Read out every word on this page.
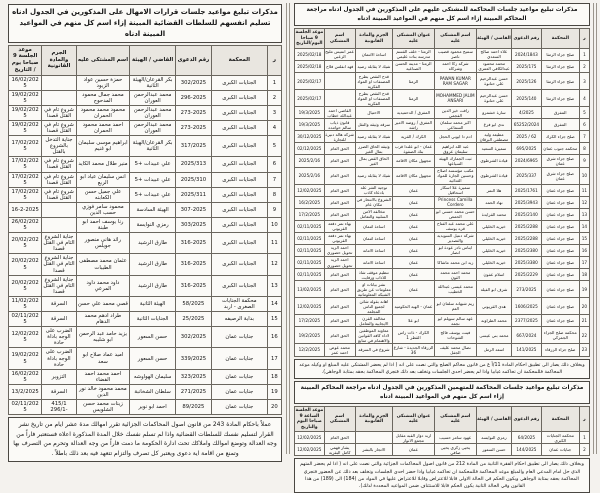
مذكرات تبليغ مواعيد جلسات قرارات الامهال على المذكورين في الجدول ادناه تسليم انفسهم للسلطات القضائية المبينة إزاء اسم كل منهم في المواعيد المبينة ادناه
ر	المحكمة	رقم الدعوى	القاضي / الهيئة	اسم المشتكى عليه	الجرم والمادة القانونية	موعد الجلسة 9 صباحا يوم / التاريخ
1	الجنايات الكبرى	302/2025	بكر القرعان/الهيئة الثانية	حمزة حسين عواد الزيود		16/02/2025
2	الجنايات الكبرى	296-2025	محمد عبدالرحمن العوران	محمد جمال محمود المدحوج		19/02/2025
3	الجنايات الكبرى	273-2025	محمد عبدالرحمن العوران	محمود محمد محمود الحمران	شروع تام في القتل قصدا	19/02/2025
4	الجنايات الكبرى	273-2025	محمد عبدالرحمن العوران	احمد محمد محمود الحمران	شروع تام في القتل قصدا	19/02/2025
5	الجنايات الكبرى	317/2025	بكر القرعان/الهيئة الثانية	ابراهيم موسى سليمان ابو غنيم	جناية التدخل بالشروع بالقتل	17/02/2025
6	الجنايات الكبرى	2025/313	علي عبيدات +5	منير طلال محمد الكايد	شروع تام في القتل قصدا	17/02/2025
7	الجنايات الكبرى	2025/310	علي عبيدات +5	انس سليمان عياد ابو الربع	شروع تام في القتل قصدا	17/02/2025
8	الجنايات الكبرى	2025/311	علي عبيدات +5	علي جميل حسن الكعابنه	شروع تام في القتل قصدا	17/02/2025
9	الجنايات الكبرى	307-2025	الهيئة السادسة	محمود سامر فوزي حسب الدين		16-2-2025
10	الجنايات الكبرى	303/2025	رمزي النوايسة	رنا يوسف احمد ابو طبنة		26/02/2025
11	الجنايات الكبرى	316-2025	طارق الرشيد	رائد هاني منصور جويلس	جناية الشروع التام في القتل قصدا	20/02/2025
12	الجنايات الكبرى	316-2025	طارق الرشيد	عثمان محمد مصطفى الطيبات	جناية الشروع التام في القتل قصدا	20/02/2025
13	الجنايات الكبرى	316-2025	طارق الرشيد	داود محمد داود المرعي	جناية الشروع التام في القتل قصدا	20/02/2025
14	محكمة الجنايات الصغرى - اربد	58/2025	الهيئة الثانية	قصي محمد علي حسن	السرقة	11/02/2025
15	بداية الرصيفه	25/2025	الجنايات الثانية	طراد ادهم محمد الدهام	السرقة	02/11/2025
16	جنايات عمان	302/2025	حسن السعور	يزيد حامد عبد الرحمن ابو شليبه	الضرب على الوجه باداة حادة	12/02/2025
17	جنايات عمان	339/2025	حسن السعور	اميد عماد صلاح ابو سعد	الضرب على الوجه باداة حادة	19/02/2025
18	جنايات عمان	323/2025	سليمان الهواوشه	احمد محمد احمد الفضاء	التزوير	16/02/2025
19	جنايات عمان	271/2025	سلطان الشخانبة	محمد محمود خالد نور الدين	السرقة	13/2/2025
20	جنايات عمان	89/2025	احمد ابو نوير	زينات محمد حسن الشلويس	415/1 -296/1	02/11/2025
عملاً باحكام المادة 243 من قانون اصول المحاكمات الجزائية تقرر امهالك مدة عشر ايام من تاريخ نشر القرار لتسليم نفسك للسلطات القضائية واذا لم تسلم نفسك خلال المدة المذكورة اعلاه فستعتبر فاراً من وجه العدالة وتوضع اموالك واملاكك تحت ادارة الحكومة ما دمت فاراً من وجه العدالة وتحرم من التصرف بها وتمنع من اقامة اية دعوى ويعتبر كل تصرف والتزام تتعهد فيه بعد ذلك باطلاً .
مذكرات تبليغ مواعيد جلسات المحاكمة للمشتكى عليهم على المذكورين في الجدول ادناه مراجعة المحاكم المبينة إزاء اسم كل منهم في المواعيد المبينة ادناه
ر	المحكمة	رقم الدعوى	القاضي / الهيئة	اسم المشتكى عليه	عنوان المشتكى عليه	الجرم والمادة القانونية	اسم المشتكي	موعد الجلسة 9 صباحا اليوم/التاريخ
1	صلح جزاء الرمثا	2024/1843	علاء احمد صالح السعدي	سميح محمود قضيب ناصر	الرمثا - خلف القسم مدرسة بنات عليمي	اساءة الائتمان	عمر انميس مليح الزعبي	2025/02/18
2	صلح جزاء الرمثا	2025/175	محمد محمود عبدالكافي العمري	شركة زكا احمد وشركاه	الرمثا - مدينة الحسن الصناعية	شيك لا يقابله رصيد	فهد انفلس فلاح	2025/02/18
3	صلح جزاء الرمثا	2025/126	حسن عبدالرحيم علي حنانوة	PAWAN KUMAR RAM SAGAR	الرمثا	قدح النقص بطرح المصنفات او المواد الفكرية		2025/02/17
4	صلح جزاء الرمثا	2025/140	حسن عبدالرحيم علي حنانوة	MOHAMMED JALIM ANSARI	الرمثا	قدح النقص بطرح المصنفات او المواد الفكرية		2025/02/17
5	المفرق	4/2025	سارة خشمرو	رافت خير الدين الفجمي	المفرق / الدحميديه	الاحتيال	القاضي احمد عبدالله خطاب	19/3/2025
6	المفرق	65252/2024	ندى ابو فرع	اكبر محمد سلمان السماعي	المفرق / روضة الامير راشد	سرقة وثيقة والنقل	قانون ذياب سالم حوامده	19/3/2025
7	صلح جزاء الكرك	62 / 2025	مطيعة وليد مصطفى البرقان	ادم دا ايوبي الحجل	الكرك / القرية	شيك لا يقابله رصيد	شركة هالة دنيرة للتجارة	30/12/2025
8	محكمة جنوب عمان	695/2025	سميرة السعيد	عبد الله ابراهيم سليمان عروق	عمان - ابو علندا قرب بنك الصفوة	وثيقة الحاق الضرر بمال الغير	الحق العام	02/12/2025
9	صلح جزاء شرق عمان	2024/6965	قيادة الشرطوي	ثبت الجمارك الهيئة السياعها	مجهول مكان الاقامة	الحاق القص بمال الغير	الحق العام	2025/2/16
10	صلح جزاء شرق عمان	2025/337	قيادة الشرطوي	مكتب مؤسسة اصلاح وحسين الجارة للمواد الغذائية	مجهول مكان الاقامة	شيك لا يقابله رصيد	الحق العام	2025/2/16
11	صلح جزاء عمان	2025/1761	هلا النمر	سميرة علا اسكار اسحاقيل	عمان	توجيه الشر عله بادعاء كاذب	الحق العام	12/02/2025
12	صلح جزاء عمان	2025/3943	نهاد الحمد	Princess Camilla Cordero	عمان	الشروع بالانتحار في مكان عام	الحق العام	16/2/2025
13	صلح جزاء عمان	2025/2140	محمد القرايدة	حسن محمد حسني ابو الحمص	عمان	مخالفة الامن السلبية والتعامل	الحق العام	17/2/2025
14	صلح جزاء عمان	2025/2288	خيرية الخليلي	علي محمد عبد الفتاح قره يوسف	عمان	اساءة ائتمان	بهاء نمر دفعة القريوتي	02/11/2025
15	صلح جزاء عمان	2025/2288	خيرية الخليلي	شركة دنتيل السويدية والتصدير	عمان	اساءة ائتمان	بهاء نمر دفعة القريوتي	02/11/2025
16	صلح جزاء عمان	2025/2380	خيرية الخليلي	ايناس نادر عودة ابو انصار	عمان	اساءة الامانة	احمد الزيد تحويل حضوري	02/11/2025
17	صلح جزاء عمان	2025/3380	خيرية الخليلي	زيد ابن محمد ماشاكا	عمان	اساءة الامانة	احمد الزيد تحويل حضوري	02/11/2025
18	صلح جزاء عمان	2025/2229	اسلام عفون	محمد احمد محمد الثون	عمان	تنظيم موقف شاذ للاداب ورفايت	الحق العام	02/11/2025
19	صلح جزاء عمان	273/2025	شرف ابو الفيلة	محمد عيسى عبدالله الخطيب	عمان	نشر بيانات او معلومات عن طريق الشبكة المعلوماتية	الحق العام	13/02/2025
20	صلح جزاء عمان	1606/2025	هدى القريوتي	ريم شيهانة سلمان ابو العم	عمان - الهية الحكومية	اهانة بقولة شائن لجميع الناس المجلعة	الحق العام	12/02/2025
21	صلح جزاء عمان	2377/2025	محمد الطراونة	عهد سالم سويلم ابو نجمة	ابو علا	مخالفة القرن الايجابية والتعامل	الحق العام	17/2/2025
22	محكمة صلح الجزاء الجمركي	667/2024	محمد بني عيسى	فينت يوسف فالح الشوحات	الكرك - ذات راس القطر 1	معاونة الموظفين لاداء كافة القوانين والاهتمام في متابع	الحق العام	19/2/2025
23	صلح جزاء الزرقاء	141/2025	اسعد الرمل	نضال محمد عليف الجفل	الزرقاء الجديدة - شارع 36	شروع في السرقة	محمد عوض احمد عمر	12/2/2025
وبخلاف ذلك يصار الى تطبيق احكام المادة 11/أ ع من قانون محاكم الصلح والتي نصت على انه ( اذا لم يحضر المشتكى عليه المبلغ او وكيله موعد المحاكمة فللمحكمة ان تحاكمه غيابيا واذا لم يحضر احدى الجلسات وتخلف بعد ذلك فتجري المحاكمة بحقه بمثابة الوجاهي).
مذكرات تبليغ مواعيد جلسات المحاكمة للمتهمين المذكورين في الجدول ادناه مراجعة المحاكم المبينة إزاء اسم كل منهم في المواعيد المبينة ادناه
ر	المحكمة	رقم الدعوى	القاضي / الهيئة	اسم المشتكى عليه	عنوان المشتكى عليه	الجرم والمادة القانونية	اسم المشتكي	موعد الجلسة الساعة 9 صباحا اليوم والتاريخ
1	محكمة الجنايات الكبرى	64/2025	رمزي النوايسة	عهود سامر حسيب	اربد دوار القبة مقابل مجمع الانوار		الحق العام	12/02/2025
2	جنايات عمان	144/2025	حسن السعور	يحيى زكري يحيى صافي	عمان	الاتجار بالبشر	يشار فهمي كامل البقرية	12/02/2025
وبخلاف ذلك يصار الى تطبيق احكام الفقرة الثانية من المادة 212 من قانون اصول المحاكمات الجزائية والتي نصت على انه ( اذا لم يحضر المتهم الذي حل امام المدعي العام والمبلغ موعد المحاكمة فللمحكمة ان تحاكمه غيابيا واذا حضر احدى الجلسات وتخلف بعد ذلك عن الحضور فتجري المحاكمة بحقه بمثابة الوجاهي ويكون الحكم في الحالة الاولى قابلا للاعتراض وقابلا للاعتراض عليها في المواد من (184) الى (189) من هذا القانون وفي الحالة الثانية يكون الحكم قابلا للاستئناف ضمن المواعيد المحددة لذلك).
